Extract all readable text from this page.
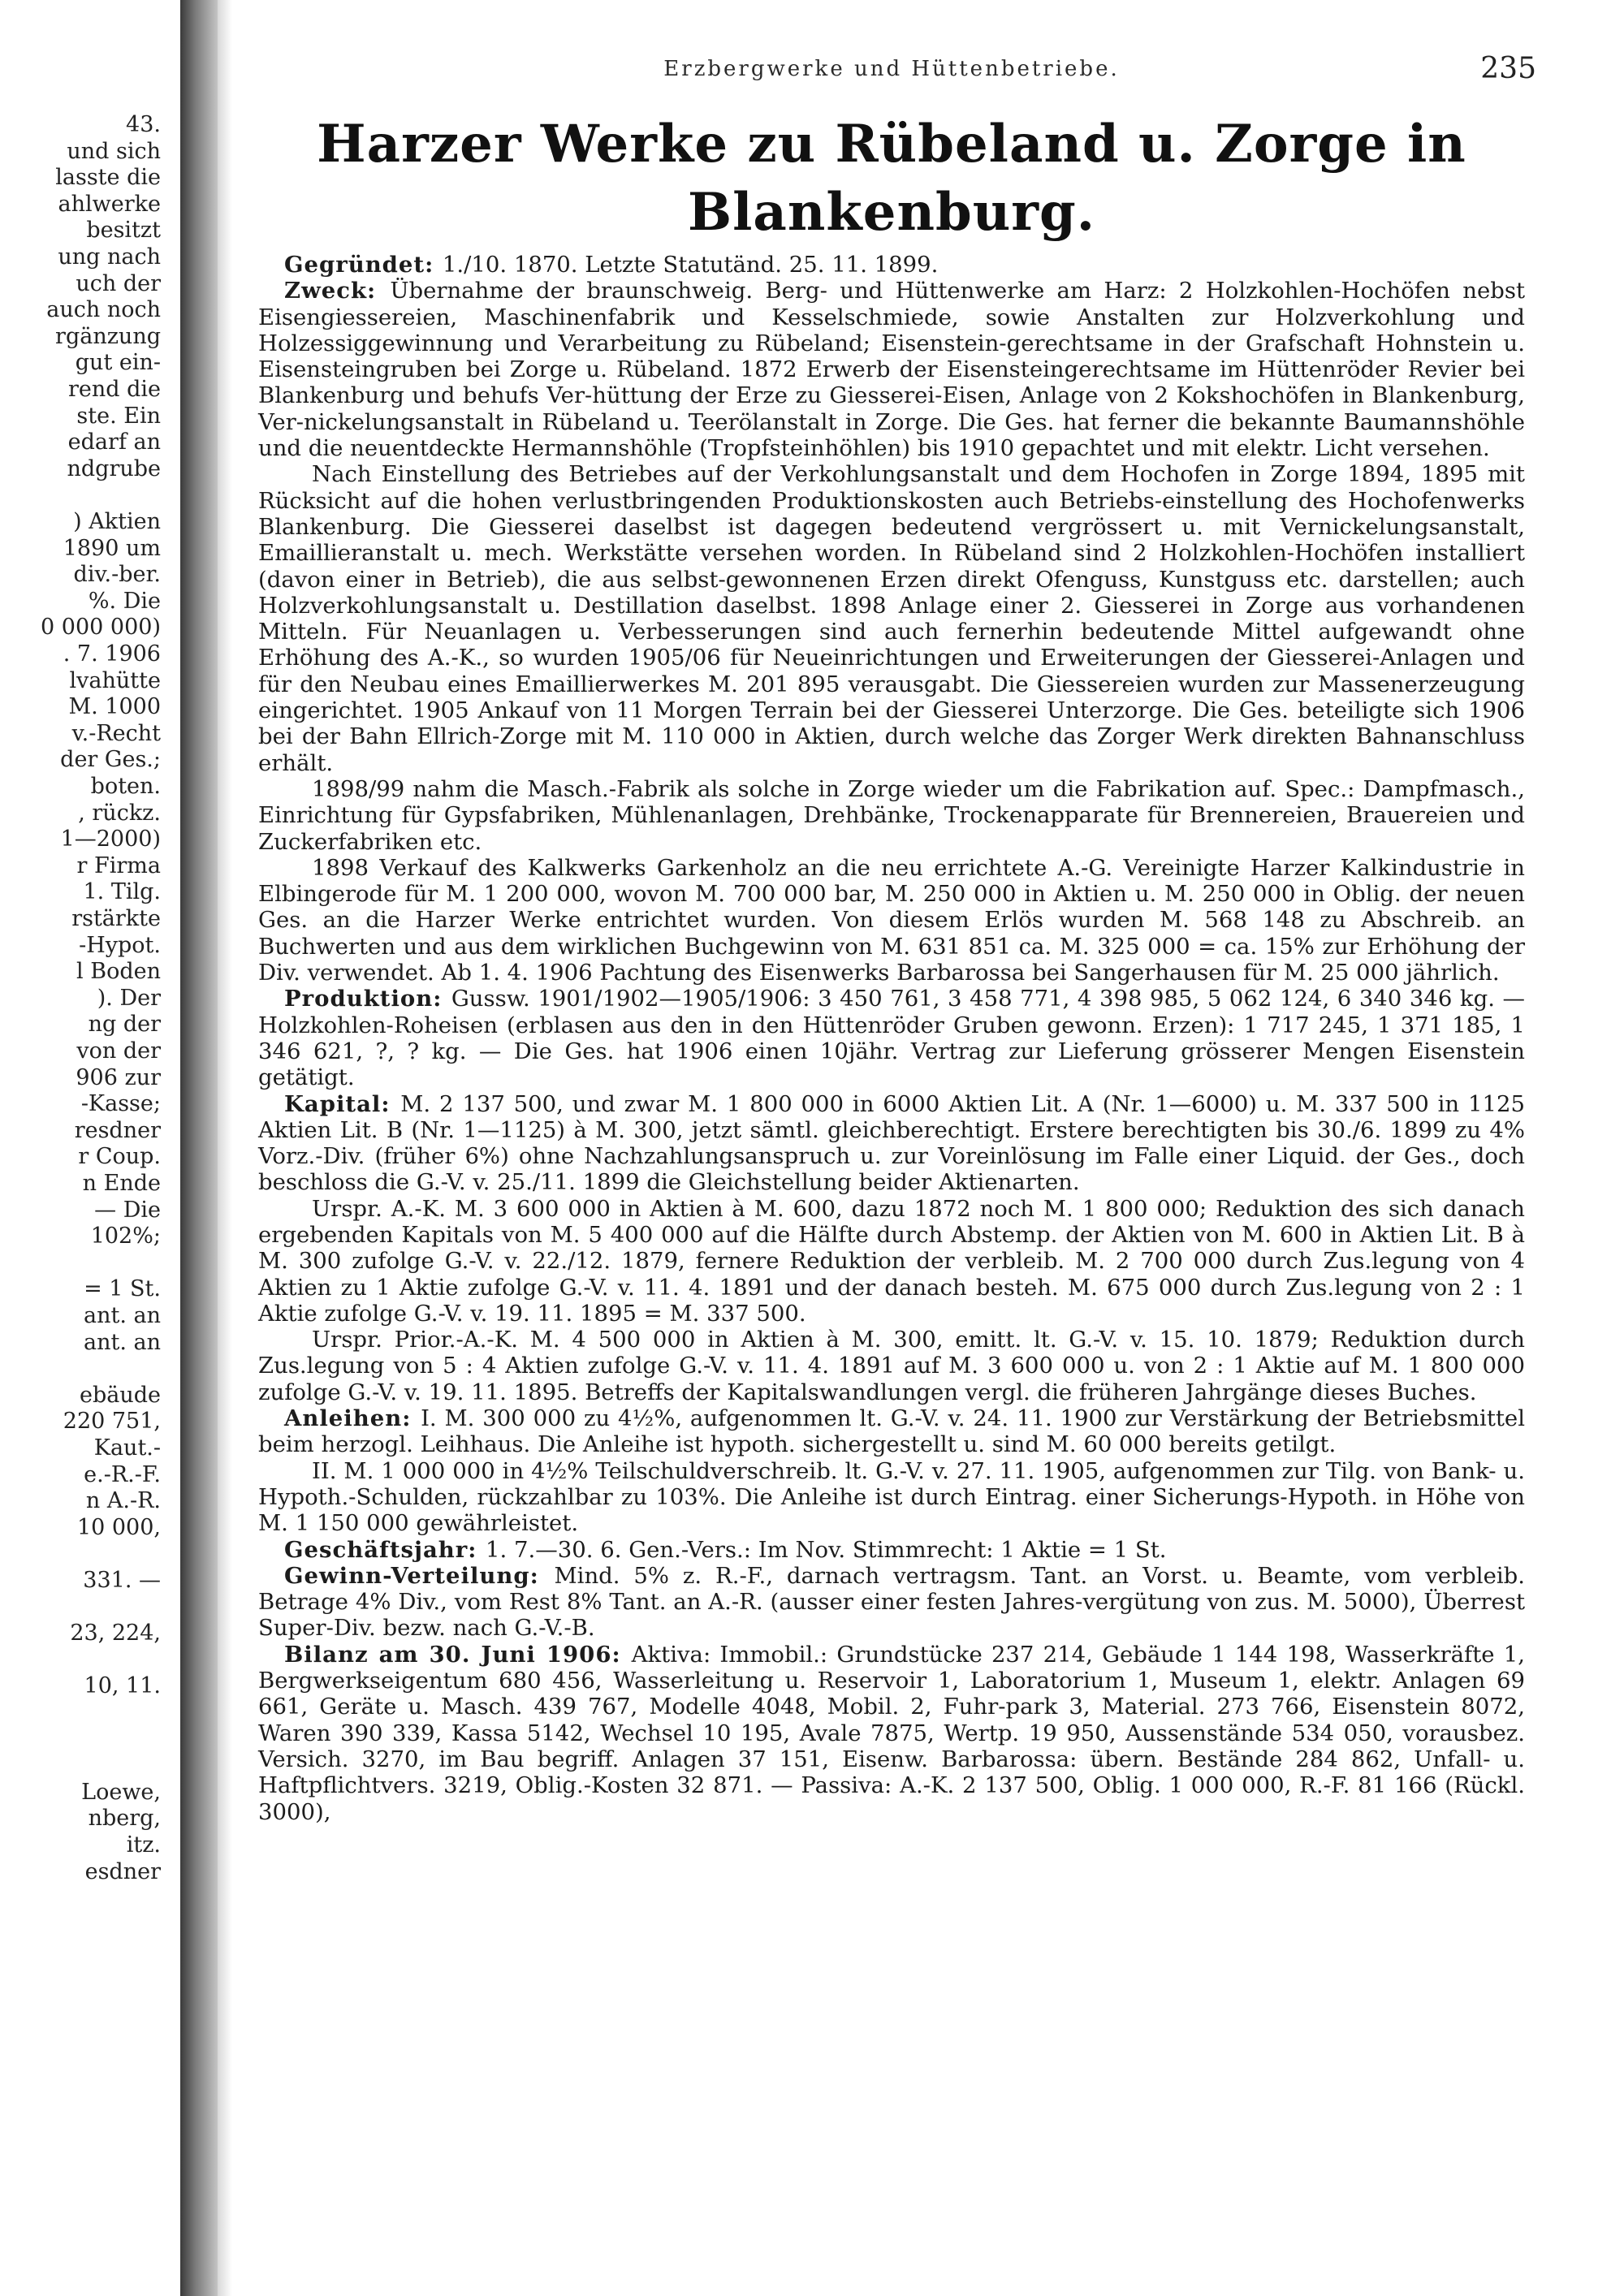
43.
und sich
lasste die
ahlwerke
besitzt
ung nach
uch der
auch noch
rgänzung
gut ein-
rend die
ste. Ein
edarf an
ndgrube
) Aktien
1890 um
div.-ber.
%. Die
0 000 000)
. 7. 1906
lvahütte
M. 1000
v.-Recht
der Ges.;
boten.
, rückz.
1—2000)
r Firma
1. Tilg.
rstärkte
-Hypot.
l Boden
). Der
ng der
von der
906 zur
-Kasse;
resdner
r Coup.
n Ende
— Die
102%;
= 1 St.
ant. an
ant. an
ebäude
220 751,
Kaut.-
e.-R.-F.
n A.-R.
10 000,
331. —
23, 224,
10, 11.
Loewe,
nberg,
itz.
esdner
Erzbergwerke und Hüttenbetriebe.	235
Harzer Werke zu Rübeland u. Zorge in Blankenburg.

Gegründet: 1./10. 1870. Letzte Statutänd. 25. 11. 1899.

Zweck: Übernahme der braunschweig. Berg- und Hüttenwerke am Harz: 2 Holzkohlen-Hochöfen nebst Eisengiessereien, Maschinenfabrik und Kesselschmiede, sowie Anstalten zur Holzverkohlung und Holzessiggewinnung und Verarbeitung zu Rübeland; Eisenstein-gerechtsame in der Grafschaft Hohnstein u. Eisensteingruben bei Zorge u. Rübeland. 1872 Erwerb der Eisensteingerechtsame im Hüttenröder Revier bei Blankenburg und behufs Ver-hüttung der Erze zu Giesserei-Eisen, Anlage von 2 Kokshochöfen in Blankenburg, Ver-nickelungsanstalt in Rübeland u. Teerölanstalt in Zorge. Die Ges. hat ferner die bekannte Baumannshöhle und die neuentdeckte Hermannshöhle (Tropfsteinhöhlen) bis 1910 gepachtet und mit elektr. Licht versehen.

Nach Einstellung des Betriebes auf der Verkohlungsanstalt und dem Hochofen in Zorge 1894, 1895 mit Rücksicht auf die hohen verlustbringenden Produktionskosten auch Betriebs-einstellung des Hochofenwerks Blankenburg. Die Giesserei daselbst ist dagegen bedeutend vergrössert u. mit Vernickelungsanstalt, Emaillieranstalt u. mech. Werkstätte versehen worden. In Rübeland sind 2 Holzkohlen-Hochöfen installiert (davon einer in Betrieb), die aus selbst-gewonnenen Erzen direkt Ofenguss, Kunstguss etc. darstellen; auch Holzverkohlungsanstalt u. Destillation daselbst. 1898 Anlage einer 2. Giesserei in Zorge aus vorhandenen Mitteln. Für Neuanlagen u. Verbesserungen sind auch fernerhin bedeutende Mittel aufgewandt ohne Erhöhung des A.-K., so wurden 1905/06 für Neueinrichtungen und Erweiterungen der Giesserei-Anlagen und für den Neubau eines Emaillierwerkes M. 201 895 verausgabt. Die Giessereien wurden zur Massenerzeugung eingerichtet. 1905 Ankauf von 11 Morgen Terrain bei der Giesserei Unterzorge. Die Ges. beteiligte sich 1906 bei der Bahn Ellrich-Zorge mit M. 110 000 in Aktien, durch welche das Zorger Werk direkten Bahnanschluss erhält.

1898/99 nahm die Masch.-Fabrik als solche in Zorge wieder um die Fabrikation auf. Spec.: Dampfmasch., Einrichtung für Gypsfabriken, Mühlenanlagen, Drehbänke, Trockenapparate für Brennereien, Brauereien und Zuckerfabriken etc.

1898 Verkauf des Kalkwerks Garkenholz an die neu errichtete A.-G. Vereinigte Harzer Kalkindustrie in Elbingerode für M. 1 200 000, wovon M. 700 000 bar, M. 250 000 in Aktien u. M. 250 000 in Oblig. der neuen Ges. an die Harzer Werke entrichtet wurden. Von diesem Erlös wurden M. 568 148 zu Abschreib. an Buchwerten und aus dem wirklichen Buchgewinn von M. 631 851 ca. M. 325 000 = ca. 15% zur Erhöhung der Div. verwendet. Ab 1. 4. 1906 Pachtung des Eisenwerks Barbarossa bei Sangerhausen für M. 25 000 jährlich.

Produktion: Gussw. 1901/1902—1905/1906: 3 450 761, 3 458 771, 4 398 985, 5 062 124, 6 340 346 kg. — Holzkohlen-Roheisen (erblasen aus den in den Hüttenröder Gruben gewonn. Erzen): 1 717 245, 1 371 185, 1 346 621, ?, ? kg. — Die Ges. hat 1906 einen 10jähr. Vertrag zur Lieferung grösserer Mengen Eisenstein getätigt.

Kapital: M. 2 137 500, und zwar M. 1 800 000 in 6000 Aktien Lit. A (Nr. 1—6000) u. M. 337 500 in 1125 Aktien Lit. B (Nr. 1—1125) à M. 300, jetzt sämtl. gleichberechtigt. Erstere berechtigten bis 30./6. 1899 zu 4% Vorz.-Div. (früher 6%) ohne Nachzahlungsanspruch u. zur Voreinlösung im Falle einer Liquid. der Ges., doch beschloss die G.-V. v. 25./11. 1899 die Gleichstellung beider Aktienarten.

Urspr. A.-K. M. 3 600 000 in Aktien à M. 600, dazu 1872 noch M. 1 800 000; Reduktion des sich danach ergebenden Kapitals von M. 5 400 000 auf die Hälfte durch Abstemp. der Aktien von M. 600 in Aktien Lit. B à M. 300 zufolge G.-V. v. 22./12. 1879, fernere Reduktion der verbleib. M. 2 700 000 durch Zus.legung von 4 Aktien zu 1 Aktie zufolge G.-V. v. 11. 4. 1891 und der danach besteh. M. 675 000 durch Zus.legung von 2 : 1 Aktie zufolge G.-V. v. 19. 11. 1895 = M. 337 500.

Urspr. Prior.-A.-K. M. 4 500 000 in Aktien à M. 300, emitt. lt. G.-V. v. 15. 10. 1879; Reduktion durch Zus.legung von 5 : 4 Aktien zufolge G.-V. v. 11. 4. 1891 auf M. 3 600 000 u. von 2 : 1 Aktie auf M. 1 800 000 zufolge G.-V. v. 19. 11. 1895. Betreffs der Kapitalswandlungen vergl. die früheren Jahrgänge dieses Buches.

Anleihen: I. M. 300 000 zu 4½%, aufgenommen lt. G.-V. v. 24. 11. 1900 zur Verstärkung der Betriebsmittel beim herzogl. Leihhaus. Die Anleihe ist hypoth. sichergestellt u. sind M. 60 000 bereits getilgt.

II. M. 1 000 000 in 4½% Teilschuldverschreib. lt. G.-V. v. 27. 11. 1905, aufgenommen zur Tilg. von Bank- u. Hypoth.-Schulden, rückzahlbar zu 103%. Die Anleihe ist durch Eintrag. einer Sicherungs-Hypoth. in Höhe von M. 1 150 000 gewährleistet.

Geschäftsjahr: 1. 7.—30. 6. Gen.-Vers.: Im Nov. Stimmrecht: 1 Aktie = 1 St.

Gewinn-Verteilung: Mind. 5% z. R.-F., darnach vertragsm. Tant. an Vorst. u. Beamte, vom verbleib. Betrage 4% Div., vom Rest 8% Tant. an A.-R. (ausser einer festen Jahres-vergütung von zus. M. 5000), Überrest Super-Div. bezw. nach G.-V.-B.

Bilanz am 30. Juni 1906: Aktiva: Immobil.: Grundstücke 237 214, Gebäude 1 144 198, Wasserkräfte 1, Bergwerkseigentum 680 456, Wasserleitung u. Reservoir 1, Laboratorium 1, Museum 1, elektr. Anlagen 69 661, Geräte u. Masch. 439 767, Modelle 4048, Mobil. 2, Fuhr-park 3, Material. 273 766, Eisenstein 8072, Waren 390 339, Kassa 5142, Wechsel 10 195, Avale 7875, Wertp. 19 950, Aussenstände 534 050, vorausbez. Versich. 3270, im Bau begriff. Anlagen 37 151, Eisenw. Barbarossa: übern. Bestände 284 862, Unfall- u. Haftpflichtvers. 3219, Oblig.-Kosten 32 871. — Passiva: A.-K. 2 137 500, Oblig. 1 000 000, R.-F. 81 166 (Rückl. 3000),
